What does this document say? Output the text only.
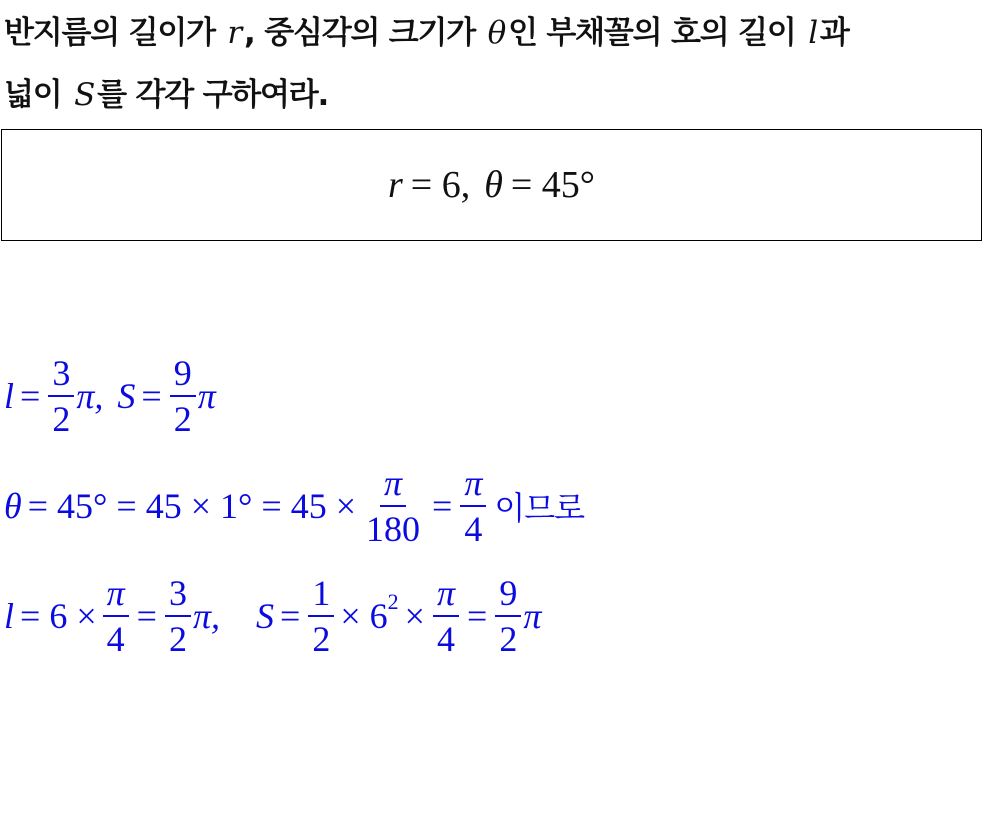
반지름의 길이가 r, 중심각의 크기가 θ인 부채꼴의 호의 길이 l과
넓이 S를 각각 구하여라.
r = 6, θ = 45°
$l = \frac{3}{2} \pi$, $S = \frac{9}{2}$ π
$\theta = 45^\circ = 45 \times 1^\circ = 45 \times \frac{\pi}{180} = \frac{\pi}{4}$ 이므로
$l = 6 \times \frac{\pi}{4} = \frac{3}{2} \pi$, $S = \frac{1}{2} \times 6$ $2 \times \frac{\pi}{4} = \frac{9}{2}$ π
